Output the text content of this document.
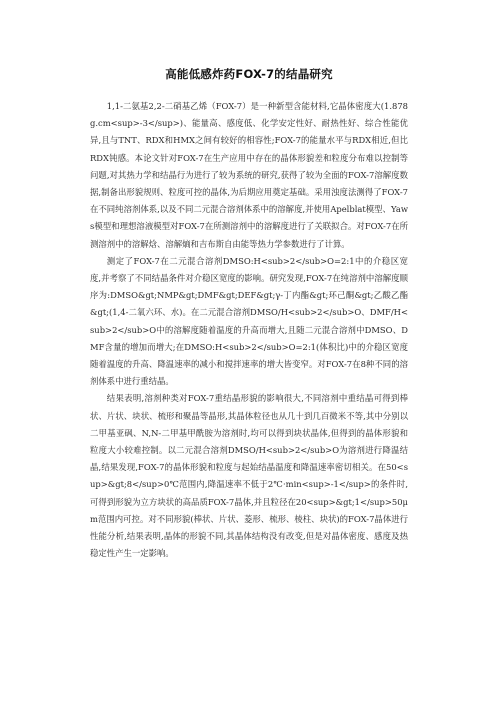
高能低感炸药FOX-7的结晶研究

1,1-二氨基2,2-二硝基乙烯（FOX-7）是一种新型含能材料,它晶体密度大(1.878g.cm<sup>-3</sup>)、能量高、感度低、化学安定性好、耐热性好、综合性能优异,且与TNT、RDX和HMX之间有较好的相容性;FOX-7的能量水平与RDX相近,但比RDX钝感。本论文针对FOX-7在生产应用中存在的晶体形貌差和粒度分布难以控制等问题,对其热力学和结晶行为进行了较为系统的研究,获得了较为全面的FOX-7溶解度数据,制备出形貌规则、粒度可控的晶体,为后期应用奠定基础。采用浊度法测得了FOX-7在不同纯溶剂体系,以及不同二元混合溶剂体系中的溶解度,并使用Apelblat模型、Yaws模型和理想溶液模型对FOX-7在所测溶剂中的溶解度进行了关联拟合。对FOX-7在所测溶剂中的溶解焓、溶解熵和吉布斯自由能等热力学参数进行了计算。

测定了FOX-7在二元混合溶剂DMSO:H<sub>2</sub>O=2:1中的介稳区宽度,并考察了不同结晶条件对介稳区宽度的影响。研究发现,FOX-7在纯溶剂中溶解度顺序为:DMSO&gt;NMP&gt;DMF&gt;DEF&gt;γ-丁内酯&gt;环己酮&gt;乙酸乙酯&gt;(1,4-二氧六环、水)。在二元混合溶剂DMSO/H<sub>2</sub>O、DMF/H<sub>2</sub>O中的溶解度随着温度的升高而增大,且随二元混合溶剂中DMSO、DMF含量的增加而增大;在DMSO:H<sub>2</sub>O=2:1(体积比)中的介稳区宽度随着温度的升高、降温速率的减小和搅拌速率的增大皆变窄。对FOX-7在8种不同的溶剂体系中进行重结晶。

结果表明,溶剂种类对FOX-7重结晶形貌的影响很大,不同溶剂中重结晶可得到棒状、片状、块状、梳形和聚晶等晶形,其晶体粒径也从几十到几百微米不等,其中分别以二甲基亚砜、N,N-二甲基甲酰胺为溶剂时,均可以得到块状晶体,但得到的晶体形貌和粒度大小较难控制。以二元混合溶剂DMSO/H<sub>2</sub>O为溶剂进行降温结晶,结果发现,FOX-7的晶体形貌和粒度与起始结晶温度和降温速率密切相关。在50<sup>&gt;8</sup>0℃范围内,降温速率不低于2℃·min<sup>-1</sup>的条件时,可得到形貌为立方块状的高品质FOX-7晶体,并且粒径在20<sup>&gt;1</sup>50μm范围内可控。对不同形貌(棒状、片状、菱形、梳形、棱柱、块状)的FOX-7晶体进行性能分析,结果表明,晶体的形貌不同,其晶体结构没有改变,但是对晶体密度、感度及热稳定性产生一定影响。
